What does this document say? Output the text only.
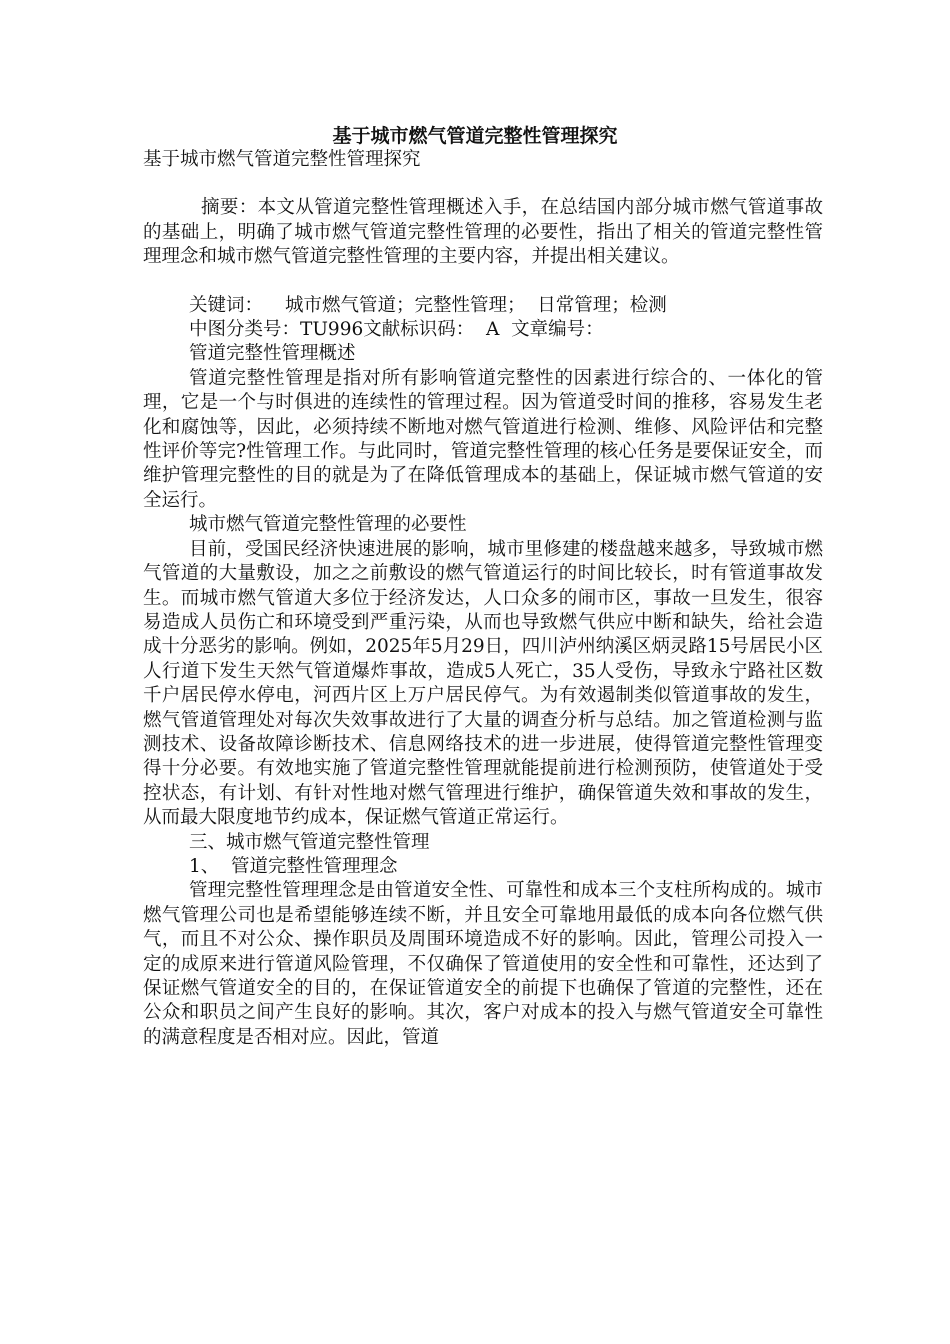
基于城市燃气管道完整性管理探究

基于城市燃气管道完整性管理探究

摘要：本文从管道完整性管理概述入手，在总结国内部分城市燃气管道事故的基础上，明确了城市燃气管道完整性管理的必要性，指出了相关的管道完整性管理理念和城市燃气管道完整性管理的主要内容，并提出相关建议。

关键词： 城市燃气管道；完整性管理；  日常管理；检测

中图分类号：TU996文献标识码：  A  文章编号：

管道完整性管理概述

管道完整性管理是指对所有影响管道完整性的因素进行综合的、一体化的管理，它是一个与时俱进的连续性的管理过程。因为管道受时间的推移，容易发生老化和腐蚀等，因此，必须持续不断地对燃气管道进行检测、维修、风险评估和完整性评价等完?性管理工作。与此同时，管道完整性管理的核心任务是要保证安全，而维护管理完整性的目的就是为了在降低管理成本的基础上，保证城市燃气管道的安全运行。

城市燃气管道完整性管理的必要性

目前，受国民经济快速进展的影响，城市里修建的楼盘越来越多，导致城市燃气管道的大量敷设，加之之前敷设的燃气管道运行的时间比较长，时有管道事故发生。而城市燃气管道大多位于经济发达，人口众多的闹市区，事故一旦发生，很容易造成人员伤亡和环境受到严重污染，从而也导致燃气供应中断和缺失，给社会造成十分恶劣的影响。例如，2025年5月29日，四川泸州纳溪区炳灵路15号居民小区人行道下发生天然气管道爆炸事故，造成5人死亡，35人受伤，导致永宁路社区数千户居民停水停电，河西片区上万户居民停气。为有效遏制类似管道事故的发生，燃气管道管理处对每次失效事故进行了大量的调查分析与总结。加之管道检测与监测技术、设备故障诊断技术、信息网络技术的进一步进展，使得管道完整性管理变得十分必要。有效地实施了管道完整性管理就能提前进行检测预防，使管道处于受控状态，有计划、有针对性地对燃气管理进行维护，确保管道失效和事故的发生，从而最大限度地节约成本，保证燃气管道正常运行。

三、城市燃气管道完整性管理

1、  管道完整性管理理念

管理完整性管理理念是由管道安全性、可靠性和成本三个支柱所构成的。城市燃气管理公司也是希望能够连续不断，并且安全可靠地用最低的成本向各位燃气供气，而且不对公众、操作职员及周围环境造成不好的影响。因此，管理公司投入一定的成原来进行管道风险管理，不仅确保了管道使用的安全性和可靠性，还达到了保证燃气管道安全的目的，在保证管道安全的前提下也确保了管道的完整性，还在公众和职员之间产生良好的影响。其次，客户对成本的投入与燃气管道安全可靠性的满意程度是否相对应。因此，管道
